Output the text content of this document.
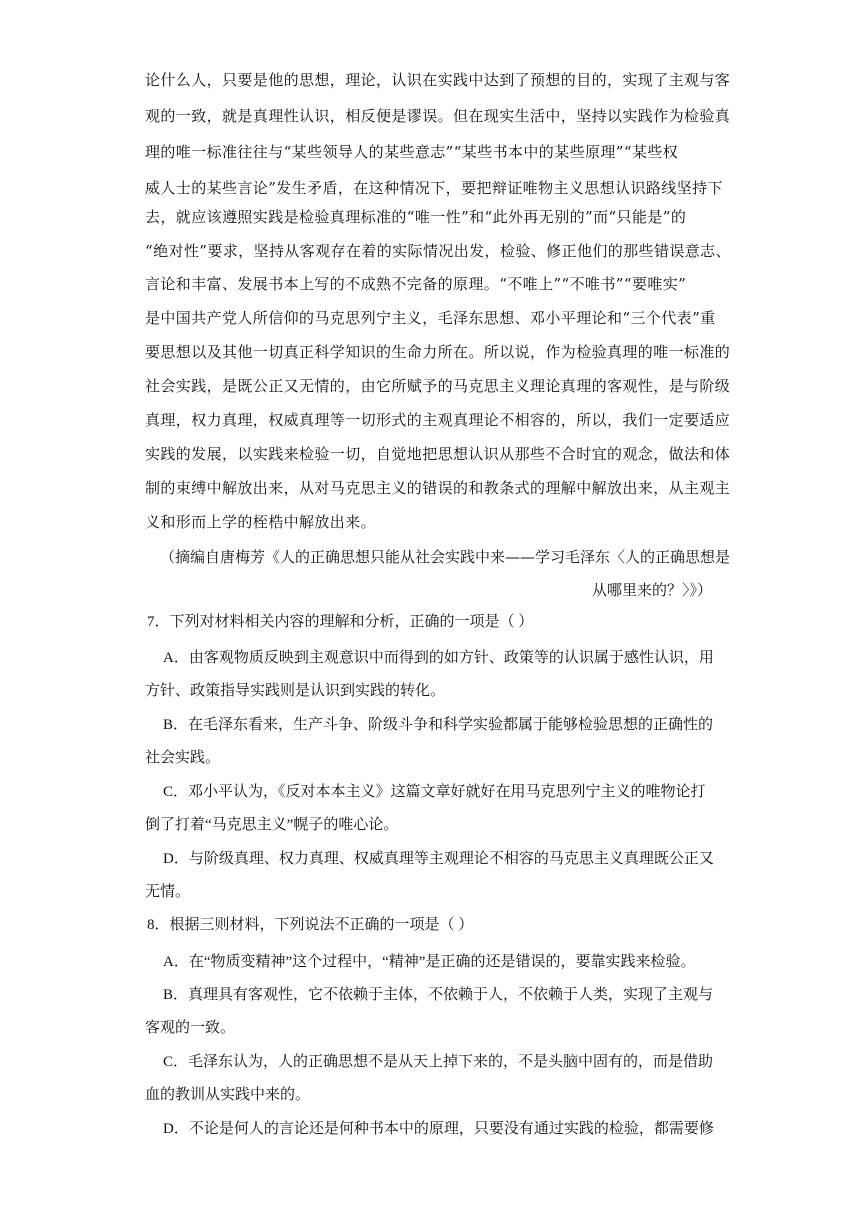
论什么人，只要是他的思想，理论，认识在实践中达到了预想的目的，实现了主观与客
观的一致，就是真理性认识，相反便是谬误。但在现实生活中，坚持以实践作为检验真
理的唯一标准往往与“某些领导人的某些意志”“某些书本中的某些原理”“某些权
威人士的某些言论”发生矛盾，在这种情况下，要把辩证唯物主义思想认识路线坚持下
去，就应该遵照实践是检验真理标准的“唯一性”和“此外再无别的”而“只能是”的
“绝对性”要求，坚持从客观存在着的实际情况出发，检验、修正他们的那些错误意志、
言论和丰富、发展书本上写的不成熟不完备的原理。“不唯上”“不唯书”“要唯实”
是中国共产党人所信仰的马克思列宁主义，毛泽东思想、邓小平理论和“三个代表”重
要思想以及其他一切真正科学知识的生命力所在。所以说，作为检验真理的唯一标准的
社会实践，是既公正又无情的，由它所赋予的马克思主义理论真理的客观性，是与阶级
真理，权力真理，权威真理等一切形式的主观真理论不相容的，所以，我们一定要适应
实践的发展，以实践来检验一切，自觉地把思想认识从那些不合时宜的观念，做法和体
制的束缚中解放出来，从对马克思主义的错误的和教条式的理解中解放出来，从主观主
义和形而上学的桎梏中解放出来。
（摘编自唐梅芳《人的正确思想只能从社会实践中来——学习毛泽东〈人的正确思想是
从哪里来的？〉》）
7．下列对材料相关内容的理解和分析，正确的一项是（ ）
A．由客观物质反映到主观意识中而得到的如方针、政策等的认识属于感性认识，用
方针、政策指导实践则是认识到实践的转化。
B．在毛泽东看来，生产斗争、阶级斗争和科学实验都属于能够检验思想的正确性的
社会实践。
C．邓小平认为，《反对本本主义》这篇文章好就好在用马克思列宁主义的唯物论打
倒了打着“马克思主义”幌子的唯心论。
D．与阶级真理、权力真理、权威真理等主观理论不相容的马克思主义真理既公正又
无情。
8．根据三则材料，下列说法不正确的一项是（ ）
A．在“物质变精神”这个过程中，“精神”是正确的还是错误的，要靠实践来检验。
B．真理具有客观性，它不依赖于主体，不依赖于人，不依赖于人类，实现了主观与
客观的一致。
C．毛泽东认为，人的正确思想不是从天上掉下来的，不是头脑中固有的，而是借助
血的教训从实践中来的。
D．不论是何人的言论还是何种书本中的原理，只要没有通过实践的检验，都需要修
